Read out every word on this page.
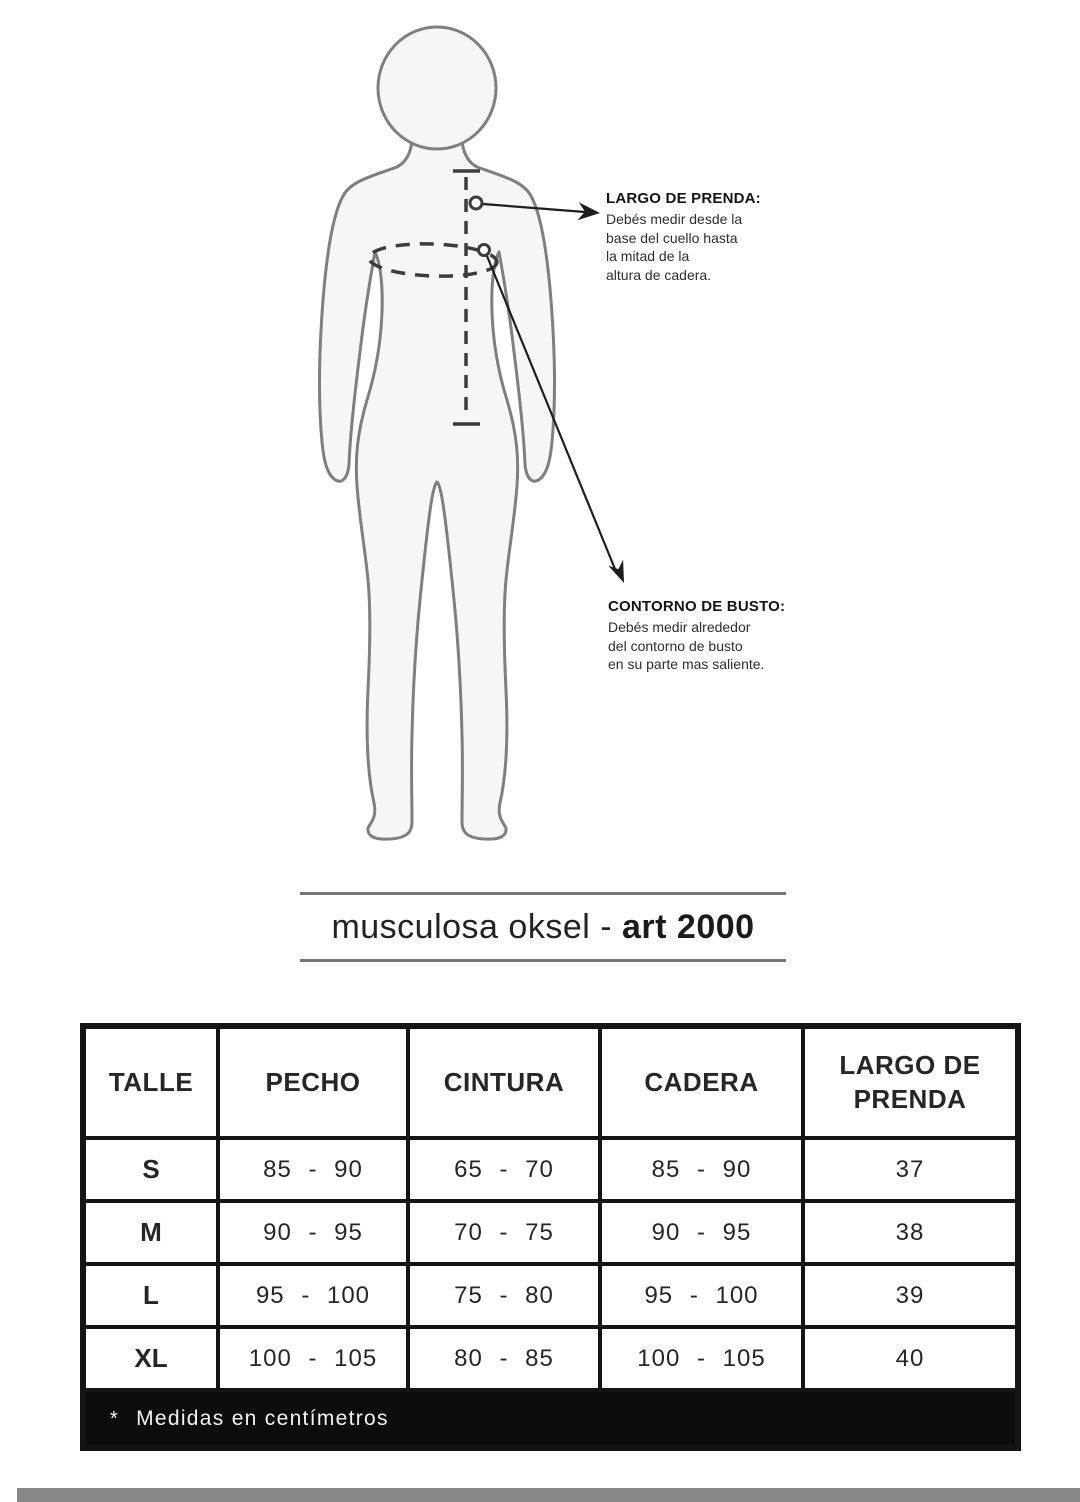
LARGO DE PRENDA:

Debés medir desde la

base del cuello hasta

la mitad de la

altura de cadera.

CONTORNO DE BUSTO:

Debés medir alrededor

del contorno de busto

en su parte mas saliente.

musculosa oksel - art 2000
TALLE	PECHO	CINTURA	CADERA	LARGO DE PRENDA
S	85 - 90	65 - 70	85 - 90	37
M	90 - 95	70 - 75	90 - 95	38
L	95 - 100	75 - 80	95 - 100	39
XL	100 - 105	80 - 85	100 - 105	40
* Medidas en centímetros				
